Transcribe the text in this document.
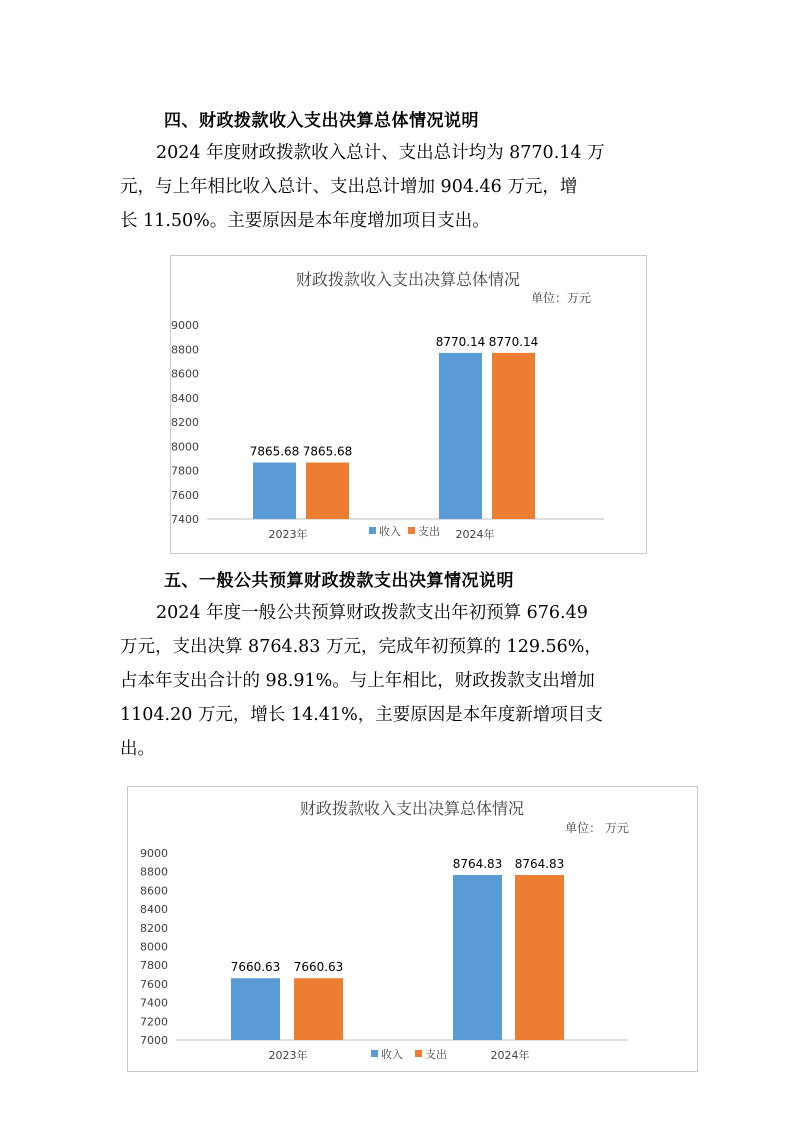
四、财政拨款收入支出决算总体情况说明
2024 年度财政拨款收入总计、支出总计均为 8770.14 万
元，与上年相比收入总计、支出总计增加 904.46 万元，增
长 11.50%。主要原因是本年度增加项目支出。
财政拨款收入支出决算总体情况
单位：万元
7400
7600
7800
8000
8200
8400
8600
8800
9000
7865.68 7865.68
2023年
8770.14 8770.14
2024年
收入 支出
五、一般公共预算财政拨款支出决算情况说明
2024 年度一般公共预算财政拨款支出年初预算 676.49
万元，支出决算 8764.83 万元，完成年初预算的 129.56%，
占本年支出合计的 98.91%。与上年相比，财政拨款支出增加
1104.20 万元，增长 14.41%，主要原因是本年度新增项目支
出。
财政拨款收入支出决算总体情况
单位： 万元
7000
7200
7400
7600
7800
8000
8200
8400
8600
8800
9000
7660.63 7660.63
2023年
8764.83 8764.83
2024年
收入 支出
